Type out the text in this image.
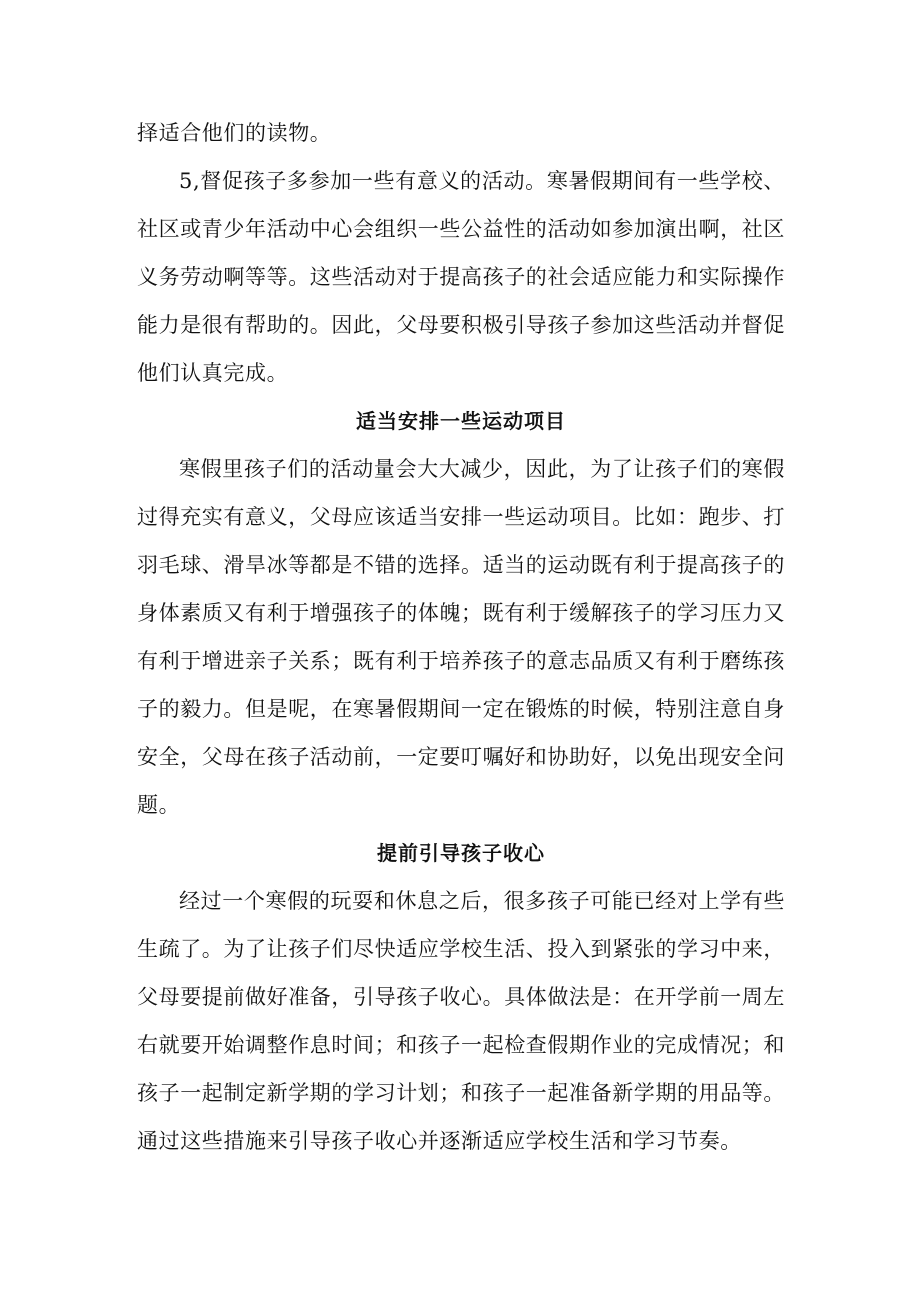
择适合他们的读物。

5,督促孩子多参加一些有意义的活动。寒暑假期间有一些学校、社区或青少年活动中心会组织一些公益性的活动如参加演出啊，社区义务劳动啊等等。这些活动对于提高孩子的社会适应能力和实际操作能力是很有帮助的。因此，父母要积极引导孩子参加这些活动并督促他们认真完成。

适当安排一些运动项目

寒假里孩子们的活动量会大大减少，因此，为了让孩子们的寒假过得充实有意义，父母应该适当安排一些运动项目。比如：跑步、打羽毛球、滑旱冰等都是不错的选择。适当的运动既有利于提高孩子的身体素质又有利于增强孩子的体魄；既有利于缓解孩子的学习压力又有利于增进亲子关系；既有利于培养孩子的意志品质又有利于磨练孩子的毅力。但是呢，在寒暑假期间一定在锻炼的时候，特别注意自身安全，父母在孩子活动前，一定要叮嘱好和协助好，以免出现安全问题。

提前引导孩子收心

经过一个寒假的玩耍和休息之后，很多孩子可能已经对上学有些生疏了。为了让孩子们尽快适应学校生活、投入到紧张的学习中来，父母要提前做好准备，引导孩子收心。具体做法是：在开学前一周左右就要开始调整作息时间；和孩子一起检查假期作业的完成情况；和孩子一起制定新学期的学习计划；和孩子一起准备新学期的用品等。通过这些措施来引导孩子收心并逐渐适应学校生活和学习节奏。
